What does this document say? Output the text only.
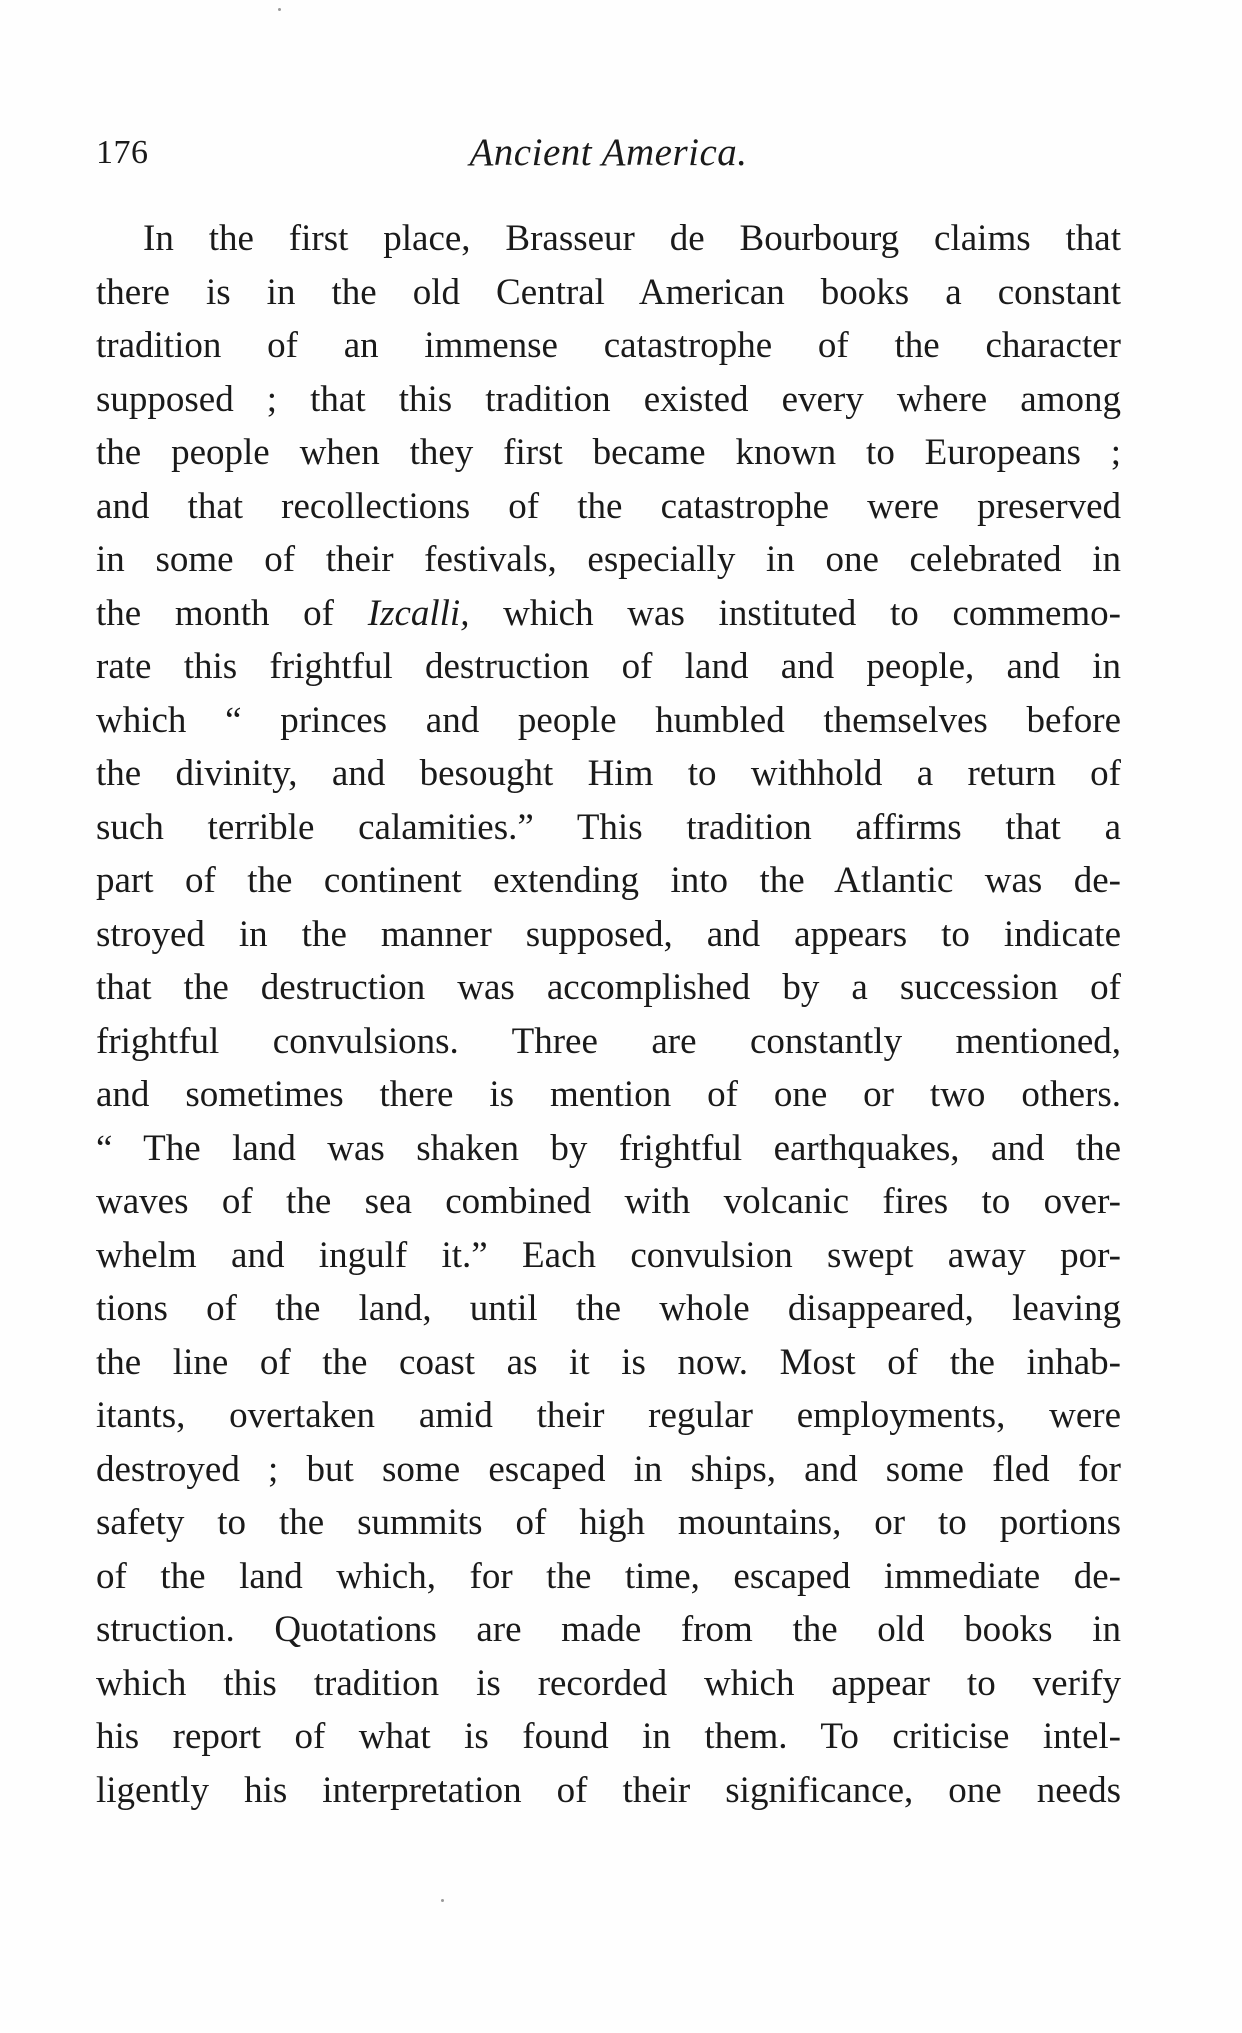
176	Ancient America.

In the first place, Brasseur de Bourbourg claims that
there is in the old Central American books a constant
tradition of an immense catastrophe of the character
supposed ; that this tradition existed every where among
the people when they first became known to Europeans ;
and that recollections of the catastrophe were preserved
in some of their festivals, especially in one celebrated in
the month of Izcalli, which was instituted to commemo-
rate this frightful destruction of land and people, and in
which “ princes and people humbled themselves before
the divinity, and besought Him to withhold a return of
such terrible calamities.” This tradition affirms that a
part of the continent extending into the Atlantic was de-
stroyed in the manner supposed, and appears to indicate
that the destruction was accomplished by a succession of
frightful convulsions. Three are constantly mentioned,
and sometimes there is mention of one or two others.
“ The land was shaken by frightful earthquakes, and the
waves of the sea combined with volcanic fires to over-
whelm and ingulf it.” Each convulsion swept away por-
tions of the land, until the whole disappeared, leaving
the line of the coast as it is now. Most of the inhab-
itants, overtaken amid their regular employments, were
destroyed ; but some escaped in ships, and some fled for
safety to the summits of high mountains, or to portions
of the land which, for the time, escaped immediate de-
struction. Quotations are made from the old books in
which this tradition is recorded which appear to verify
his report of what is found in them. To criticise intel-
ligently his interpretation of their significance, one needs
